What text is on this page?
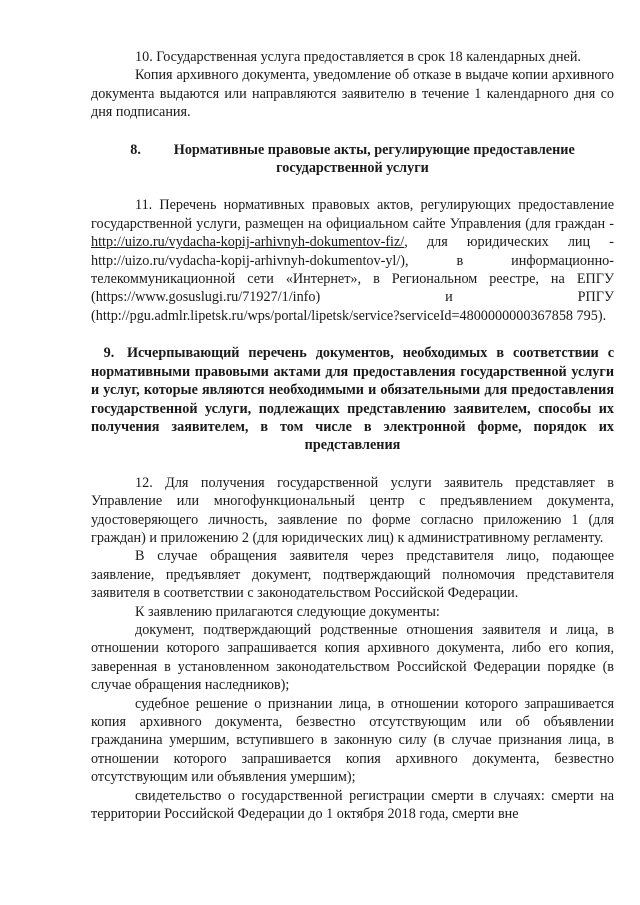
10. Государственная услуга предоставляется в срок 18 календарных дней.

Копия архивного документа, уведомление об отказе в выдаче копии архивного документа выдаются или направляются заявителю в течение 1 календарного дня со дня подписания.

8. Нормативные правовые акты, регулирующие предоставление
государственной услуги

11. Перечень нормативных правовых актов, регулирующих предоставление государственной услуги, размещен на официальном сайте Управления (для граждан - http://uizo.ru/vydacha-kopij-arhivnyh-dokumentov-fiz/, для юридических лиц - http://uizo.ru/vydacha-kopij-arhivnyh-dokumentov-yl/), в информационно-телекоммуникационной сети «Интернет», в Региональном реестре, на ЕПГУ (https://www.gosuslugi.ru/71927/1/info) и РПГУ (http://pgu.admlr.lipetsk.ru/wps/portal/lipetsk/service?serviceId=4800000000367858 795).

9. Исчерпывающий перечень документов, необходимых в соответствии с нормативными правовыми актами для предоставления государственной услуги и услуг, которые являются необходимыми и обязательными для предоставления государственной услуги, подлежащих представлению заявителем, способы их получения заявителем, в том числе в электронной форме, порядок их представления

12. Для получения государственной услуги заявитель представляет в Управление или многофункциональный центр с предъявлением документа, удостоверяющего личность, заявление по форме согласно приложению 1 (для граждан) и приложению 2 (для юридических лиц) к административному регламенту.

В случае обращения заявителя через представителя лицо, подающее заявление, предъявляет документ, подтверждающий полномочия представителя заявителя в соответствии с законодательством Российской Федерации.

К заявлению прилагаются следующие документы:

документ, подтверждающий родственные отношения заявителя и лица, в отношении которого запрашивается копия архивного документа, либо его копия, заверенная в установленном законодательством Российской Федерации порядке (в случае обращения наследников);

судебное решение о признании лица, в отношении которого запрашивается копия архивного документа, безвестно отсутствующим или об объявлении гражданина умершим, вступившего в законную силу (в случае признания лица, в отношении которого запрашивается копия архивного документа, безвестно отсутствующим или объявления умершим);

свидетельство о государственной регистрации смерти в случаях: смерти на территории Российской Федерации до 1 октября 2018 года, смерти вне
